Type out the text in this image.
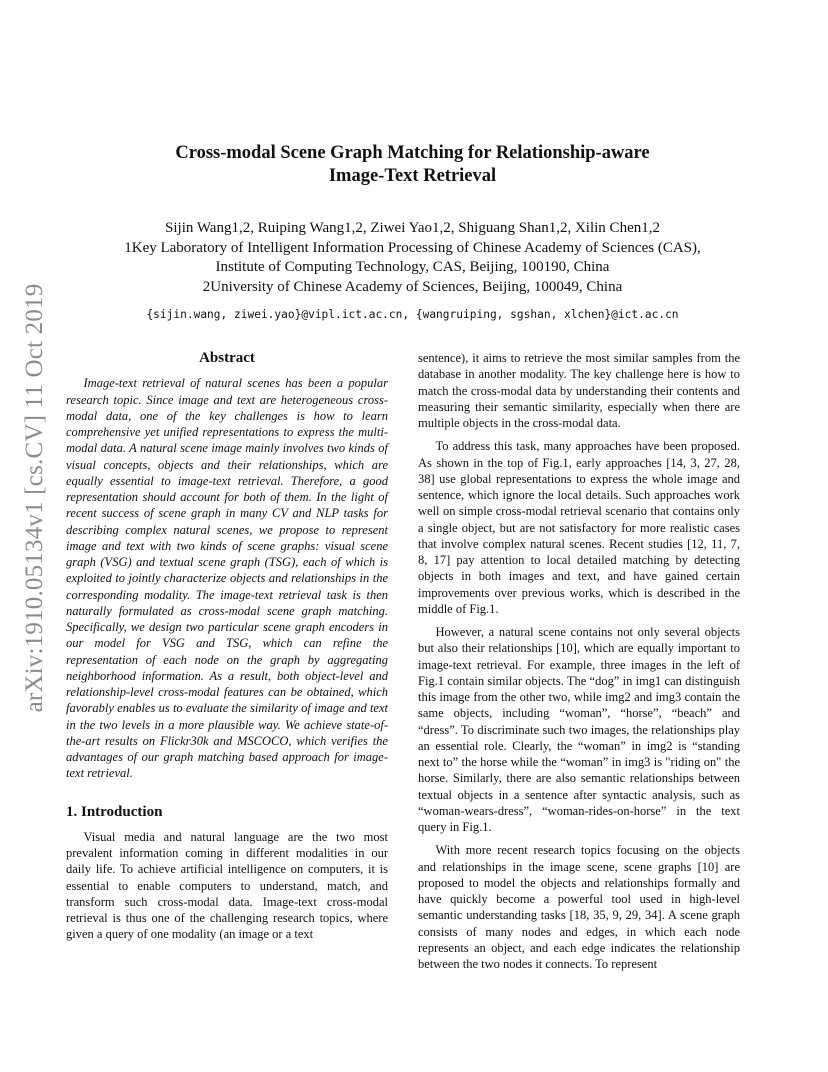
arXiv:1910.05134v1 [cs.CV] 11 Oct 2019
Cross-modal Scene Graph Matching for Relationship-aware
Image-Text Retrieval
Sijin Wang1,2, Ruiping Wang1,2, Ziwei Yao1,2, Shiguang Shan1,2, Xilin Chen1,2
1Key Laboratory of Intelligent Information Processing of Chinese Academy of Sciences (CAS),
Institute of Computing Technology, CAS, Beijing, 100190, China
2University of Chinese Academy of Sciences, Beijing, 100049, China
{sijin.wang, ziwei.yao}@vipl.ict.ac.cn, {wangruiping, sgshan, xlchen}@ict.ac.cn
Abstract

Image-text retrieval of natural scenes has been a popular research topic. Since image and text are heterogeneous cross-modal data, one of the key challenges is how to learn comprehensive yet unified representations to express the multi-modal data. A natural scene image mainly involves two kinds of visual concepts, objects and their relationships, which are equally essential to image-text retrieval. Therefore, a good representation should account for both of them. In the light of recent success of scene graph in many CV and NLP tasks for describing complex natural scenes, we propose to represent image and text with two kinds of scene graphs: visual scene graph (VSG) and textual scene graph (TSG), each of which is exploited to jointly characterize objects and relationships in the corresponding modality. The image-text retrieval task is then naturally formulated as cross-modal scene graph matching. Specifically, we design two particular scene graph encoders in our model for VSG and TSG, which can refine the representation of each node on the graph by aggregating neighborhood information. As a result, both object-level and relationship-level cross-modal features can be obtained, which favorably enables us to evaluate the similarity of image and text in the two levels in a more plausible way. We achieve state-of-the-art results on Flickr30k and MSCOCO, which verifies the advantages of our graph matching based approach for image-text retrieval.

1. Introduction

Visual media and natural language are the two most prevalent information coming in different modalities in our daily life. To achieve artificial intelligence on computers, it is essential to enable computers to understand, match, and transform such cross-modal data. Image-text cross-modal retrieval is thus one of the challenging research topics, where given a query of one modality (an image or a text

sentence), it aims to retrieve the most similar samples from the database in another modality. The key challenge here is how to match the cross-modal data by understanding their contents and measuring their semantic similarity, especially when there are multiple objects in the cross-modal data.

To address this task, many approaches have been proposed. As shown in the top of Fig.1, early approaches [14, 3, 27, 28, 38] use global representations to express the whole image and sentence, which ignore the local details. Such approaches work well on simple cross-modal retrieval scenario that contains only a single object, but are not satisfactory for more realistic cases that involve complex natural scenes. Recent studies [12, 11, 7, 8, 17] pay attention to local detailed matching by detecting objects in both images and text, and have gained certain improvements over previous works, which is described in the middle of Fig.1.

However, a natural scene contains not only several objects but also their relationships [10], which are equally important to image-text retrieval. For example, three images in the left of Fig.1 contain similar objects. The “dog” in img1 can distinguish this image from the other two, while img2 and img3 contain the same objects, including “woman”, “horse”, “beach” and “dress”. To discriminate such two images, the relationships play an essential role. Clearly, the “woman” in img2 is “standing next to” the horse while the “woman” in img3 is "riding on" the horse. Similarly, there are also semantic relationships between textual objects in a sentence after syntactic analysis, such as “woman-wears-dress”, “woman-rides-on-horse” in the text query in Fig.1.

With more recent research topics focusing on the objects and relationships in the image scene, scene graphs [10] are proposed to model the objects and relationships formally and have quickly become a powerful tool used in high-level semantic understanding tasks [18, 35, 9, 29, 34]. A scene graph consists of many nodes and edges, in which each node represents an object, and each edge indicates the relationship between the two nodes it connects. To represent
